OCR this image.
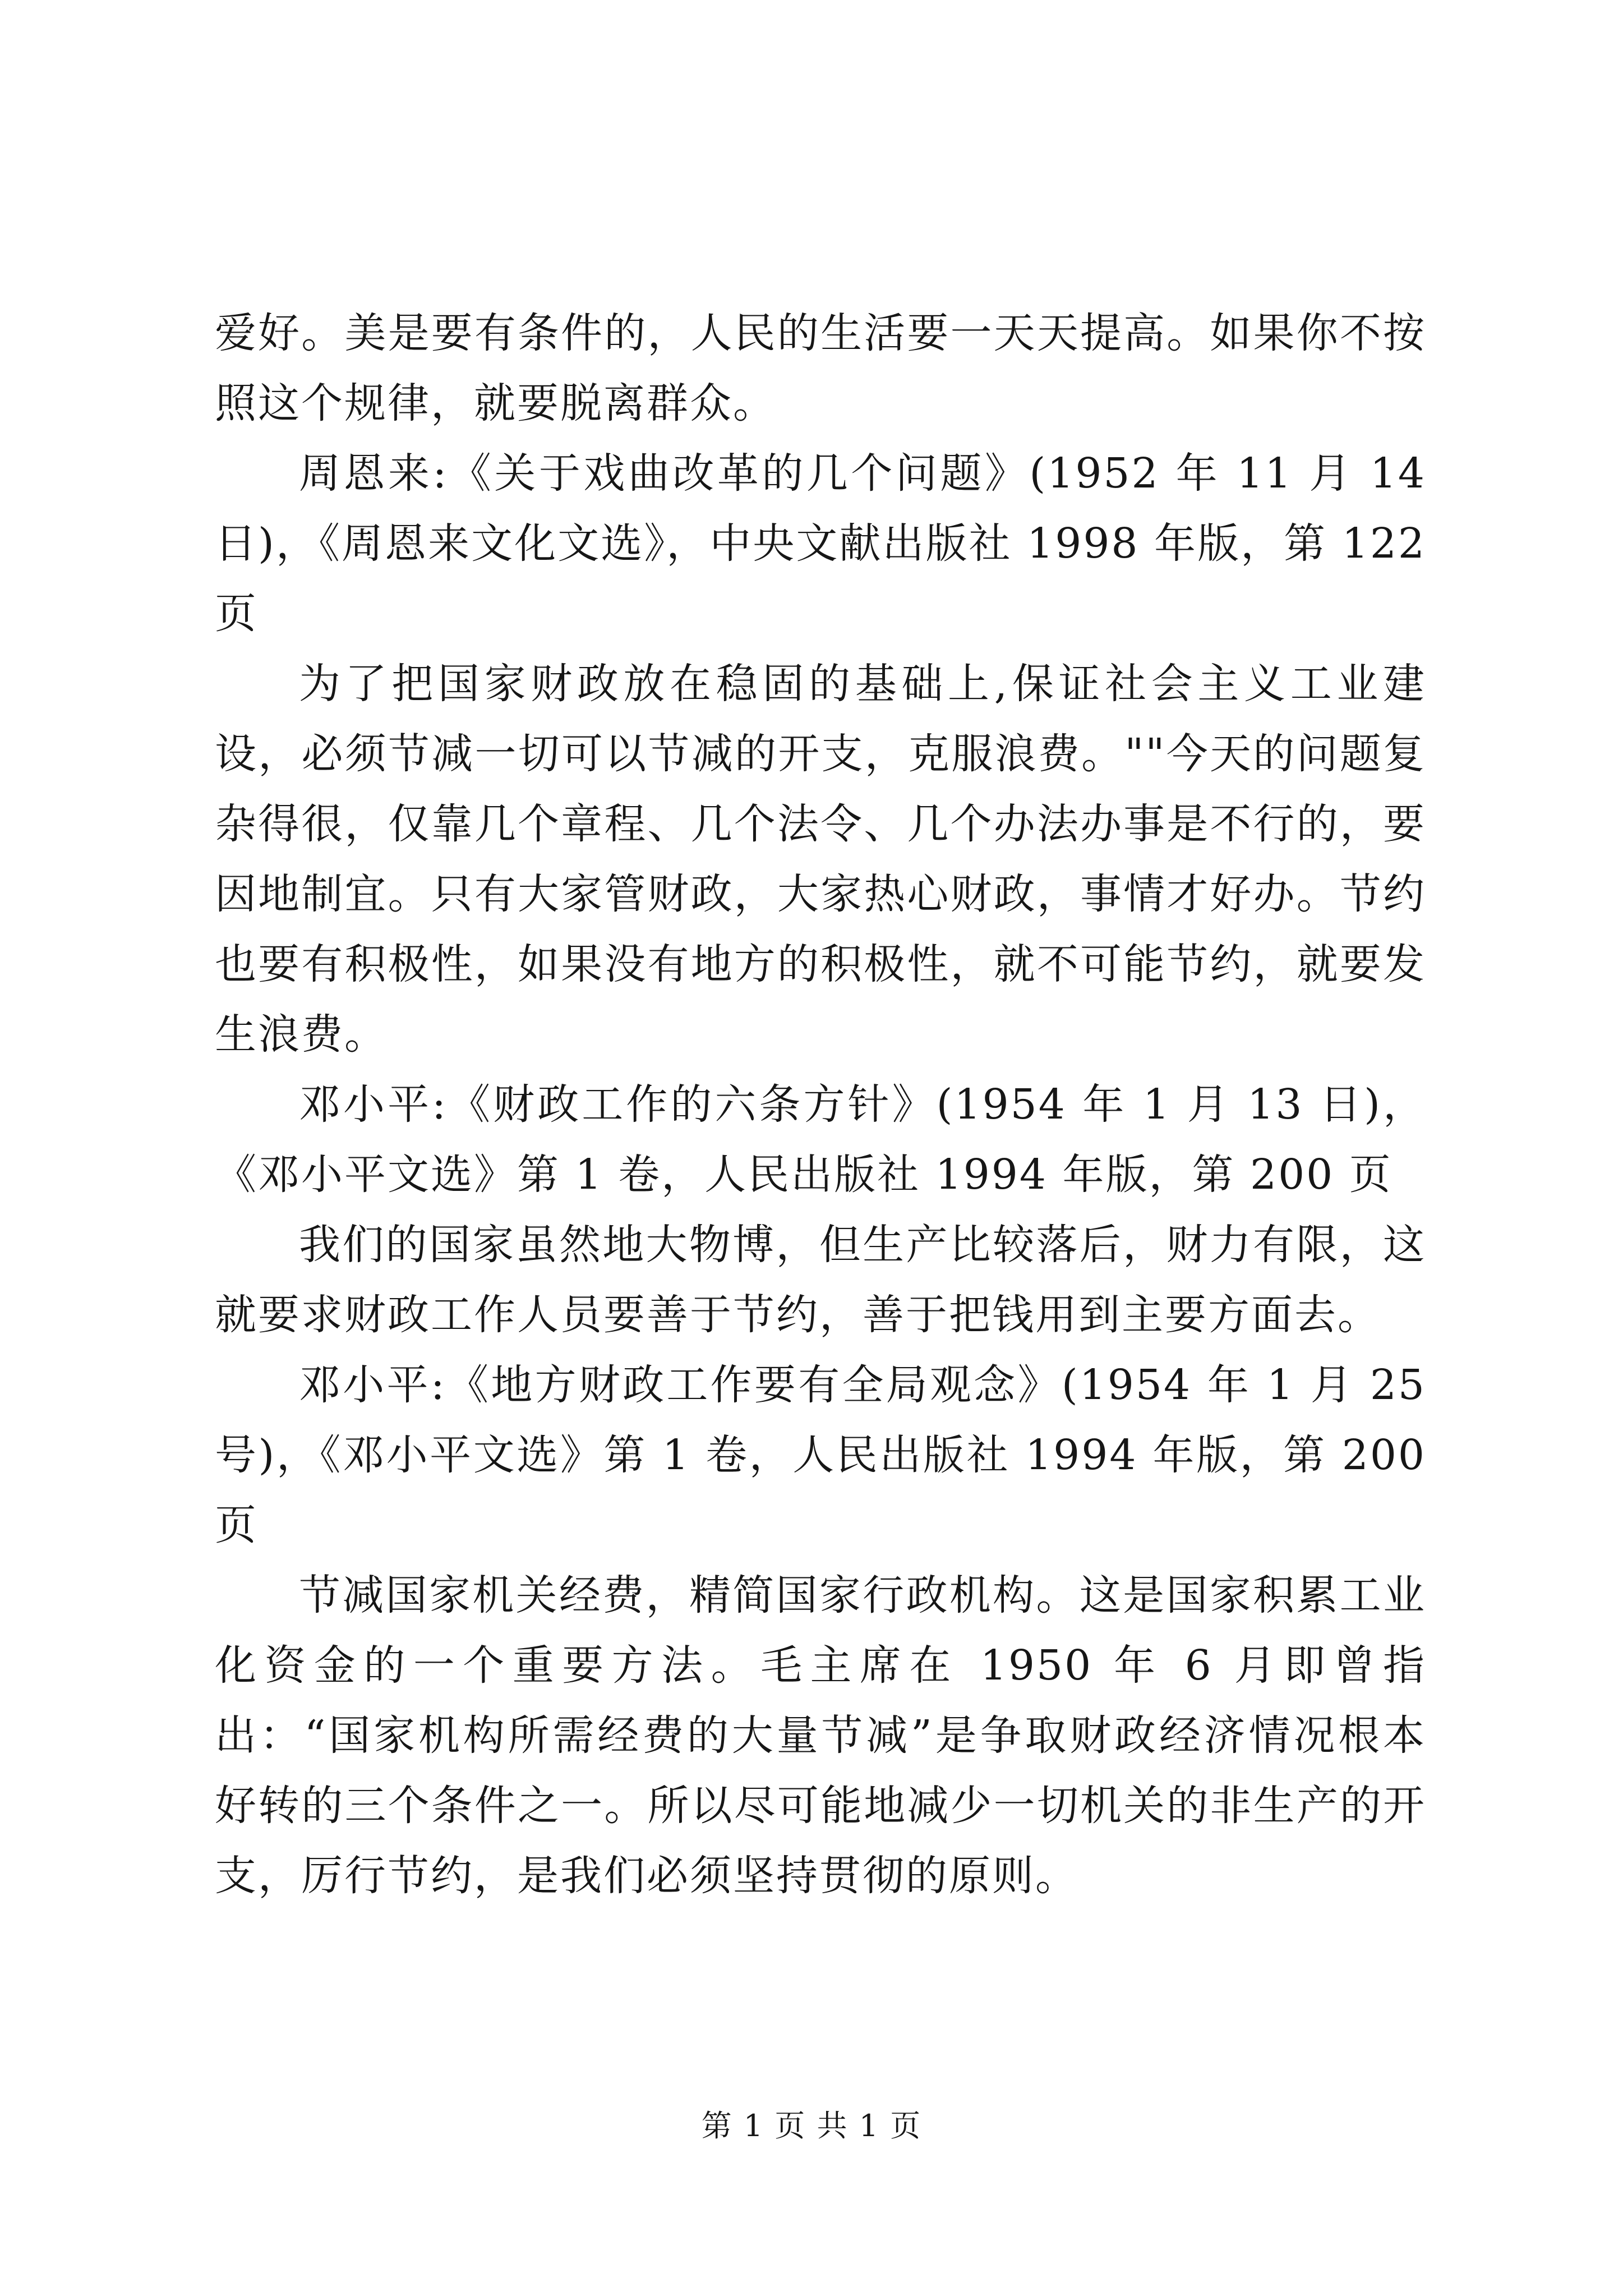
爱好。美是要有条件的，人民的生活要一天天提高。如果你不按照这个规律，就要脱离群众。

周恩来:《关于戏曲改革的几个问题》(1952 年 11 月 14 日)，《周恩来文化文选》，中央文献出版社 1998 年版，第 122 页

为了把国家财政放在稳固的基础上,保证社会主义工业建设，必须节减一切可以节减的开支，克服浪费。""今天的问题复杂得很，仅靠几个章程、几个法令、几个办法办事是不行的，要因地制宜。只有大家管财政，大家热心财政，事情才好办。节约也要有积极性，如果没有地方的积极性，就不可能节约，就要发生浪费。

邓小平:《财政工作的六条方针》(1954 年 1 月 13 日)，《邓小平文选》第 1 卷，人民出版社 1994 年版，第 200 页

我们的国家虽然地大物博，但生产比较落后，财力有限，这就要求财政工作人员要善于节约，善于把钱用到主要方面去。

邓小平:《地方财政工作要有全局观念》(1954 年 1 月 25 号)，《邓小平文选》第 1 卷，人民出版社 1994 年版，第 200 页

节减国家机关经费，精简国家行政机构。这是国家积累工业化资金的一个重要方法。毛主席在 1950 年 6 月即曾指出：“国家机构所需经费的大量节减”是争取财政经济情况根本好转的三个条件之一。所以尽可能地减少一切机关的非生产的开支，厉行节约，是我们必须坚持贯彻的原则。

第 1 页 共 1 页
